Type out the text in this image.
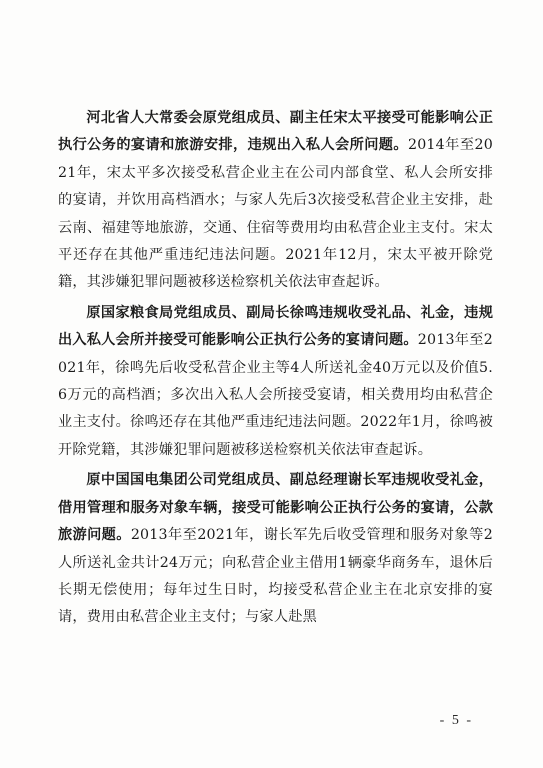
河北省人大常委会原党组成员、副主任宋太平接受可能影响公正执行公务的宴请和旅游安排，违规出入私人会所问题。2014年至2021年，宋太平多次接受私营企业主在公司内部食堂、私人会所安排的宴请，并饮用高档酒水；与家人先后3次接受私营企业主安排，赴云南、福建等地旅游，交通、住宿等费用均由私营企业主支付。宋太平还存在其他严重违纪违法问题。2021年12月，宋太平被开除党籍，其涉嫌犯罪问题被移送检察机关依法审查起诉。

原国家粮食局党组成员、副局长徐鸣违规收受礼品、礼金，违规出入私人会所并接受可能影响公正执行公务的宴请问题。2013年至2021年，徐鸣先后收受私营企业主等4人所送礼金40万元以及价值5.6万元的高档酒；多次出入私人会所接受宴请，相关费用均由私营企业主支付。徐鸣还存在其他严重违纪违法问题。2022年1月，徐鸣被开除党籍，其涉嫌犯罪问题被移送检察机关依法审查起诉。

原中国国电集团公司党组成员、副总经理谢长军违规收受礼金，借用管理和服务对象车辆，接受可能影响公正执行公务的宴请，公款旅游问题。2013年至2021年，谢长军先后收受管理和服务对象等2人所送礼金共计24万元；向私营企业主借用1辆豪华商务车，退休后长期无偿使用；每年过生日时，均接受私营企业主在北京安排的宴请，费用由私营企业主支付；与家人赴黑

- 5 -
